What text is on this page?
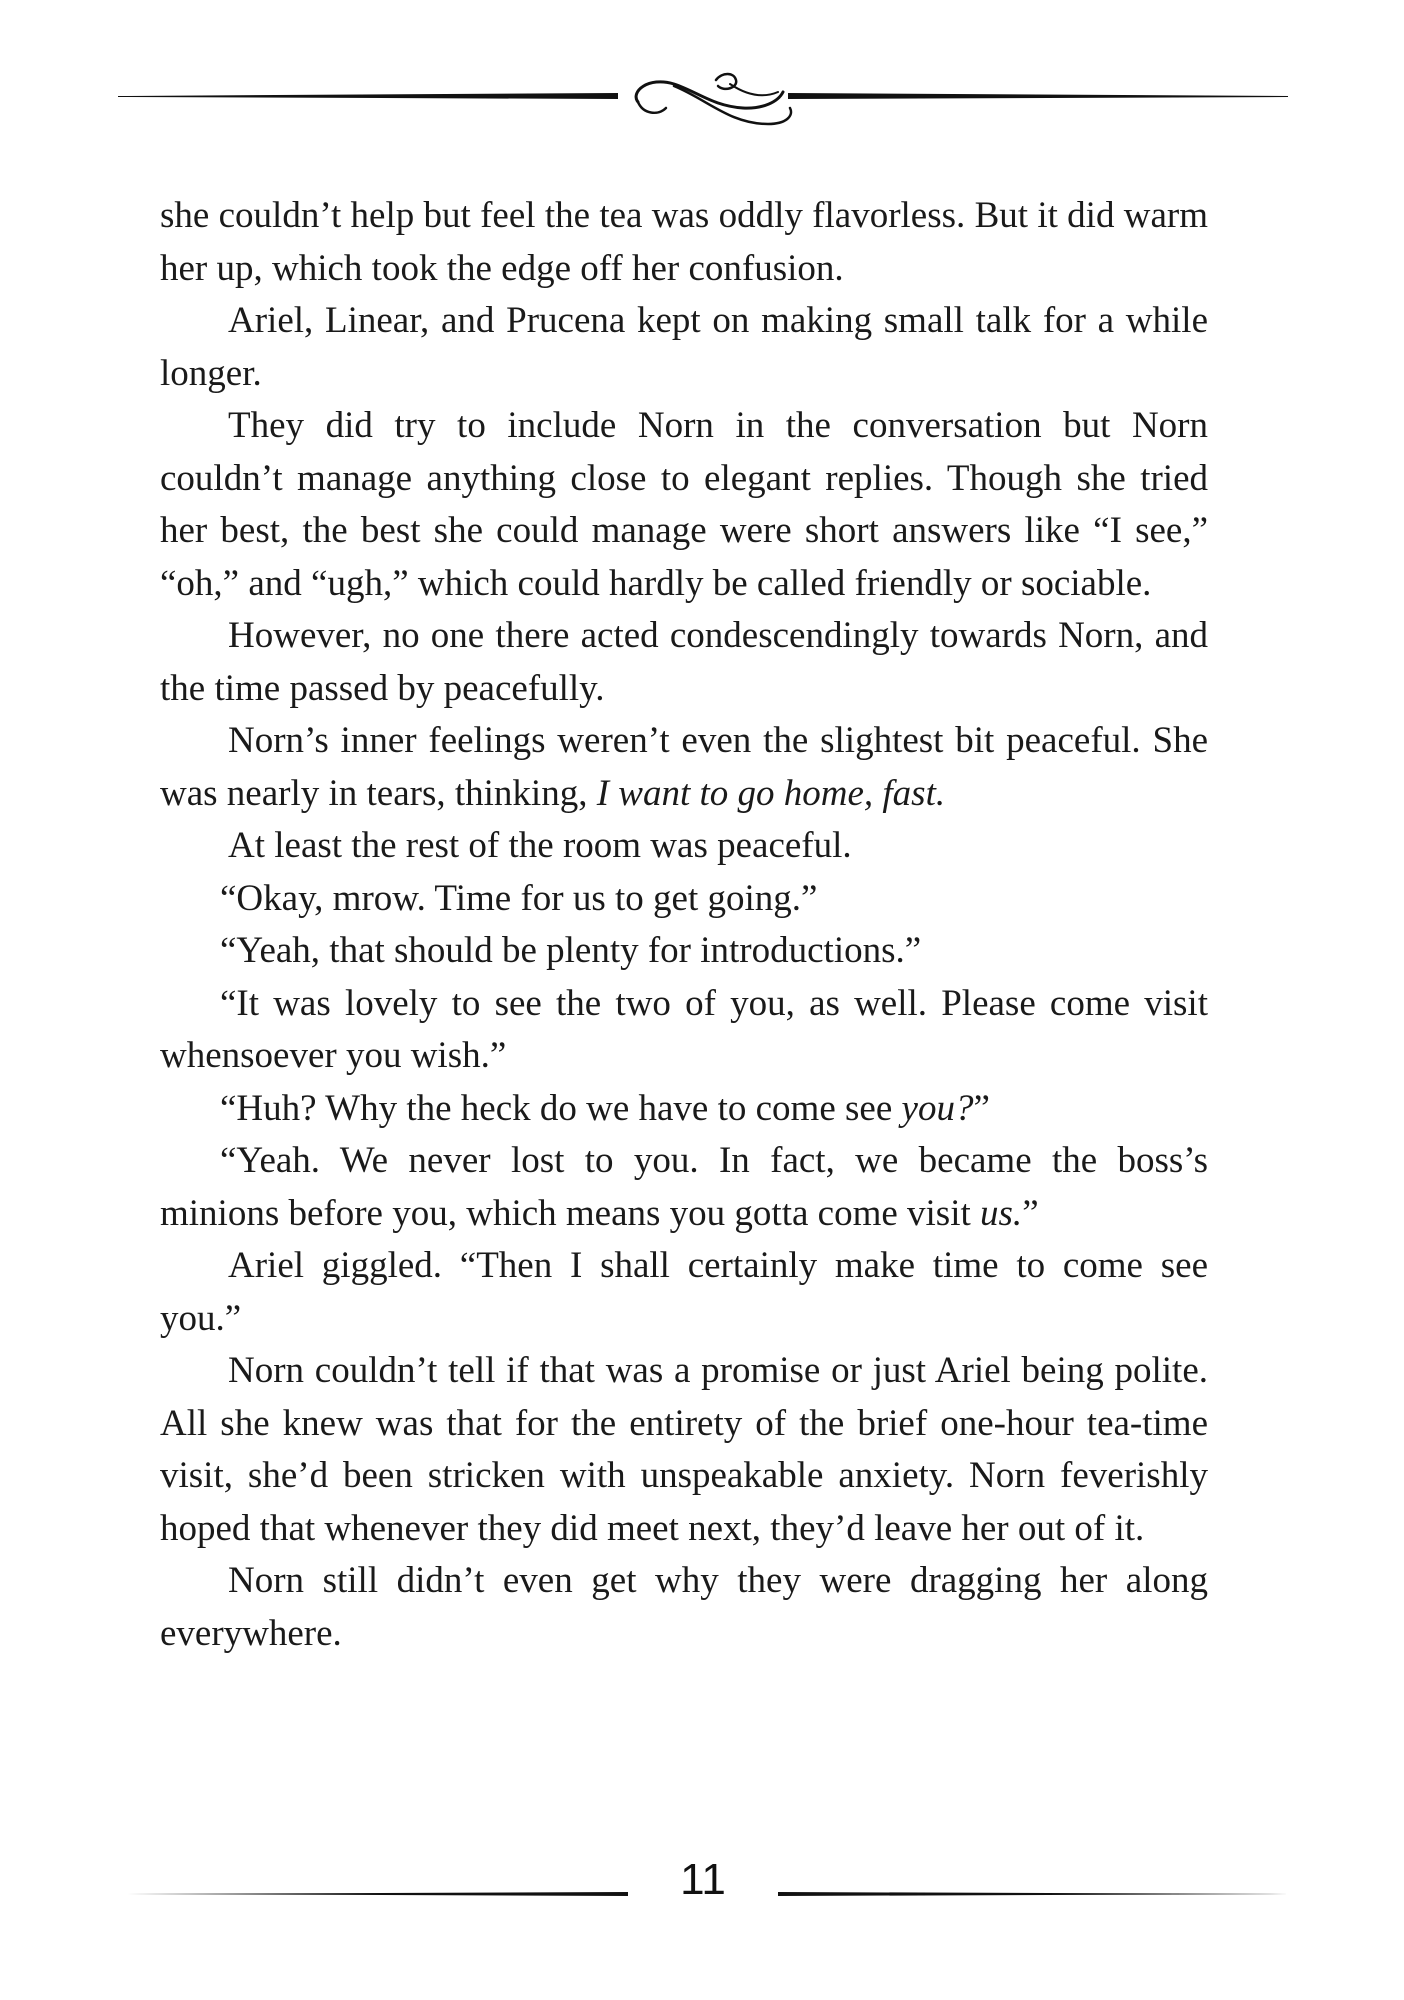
she couldn’t help but feel the tea was oddly flavorless. But it did warm her up, which took the edge off her confusion.

Ariel, Linear, and Prucena kept on making small talk for a while longer.

They did try to include Norn in the conversation but Norn couldn’t manage anything close to elegant replies. Though she tried her best, the best she could manage were short answers like “I see,” “oh,” and “ugh,” which could hardly be called friendly or sociable.

However, no one there acted condescendingly towards Norn, and the time passed by peacefully.

Norn’s inner feelings weren’t even the slightest bit peaceful. She was nearly in tears, thinking, I want to go home, fast.

At least the rest of the room was peaceful.

“Okay, mrow. Time for us to get going.”

“Yeah, that should be plenty for introductions.”

“It was lovely to see the two of you, as well. Please come visit whensoever you wish.”

“Huh? Why the heck do we have to come see you?”

“Yeah. We never lost to you. In fact, we became the boss’s minions before you, which means you gotta come visit us.”

Ariel giggled. “Then I shall certainly make time to come see you.”

Norn couldn’t tell if that was a promise or just Ariel being polite. All she knew was that for the entirety of the brief one-hour tea-time visit, she’d been stricken with unspeakable anxiety. Norn feverishly hoped that whenever they did meet next, they’d leave her out of it.

Norn still didn’t even get why they were dragging her along everywhere.

11
